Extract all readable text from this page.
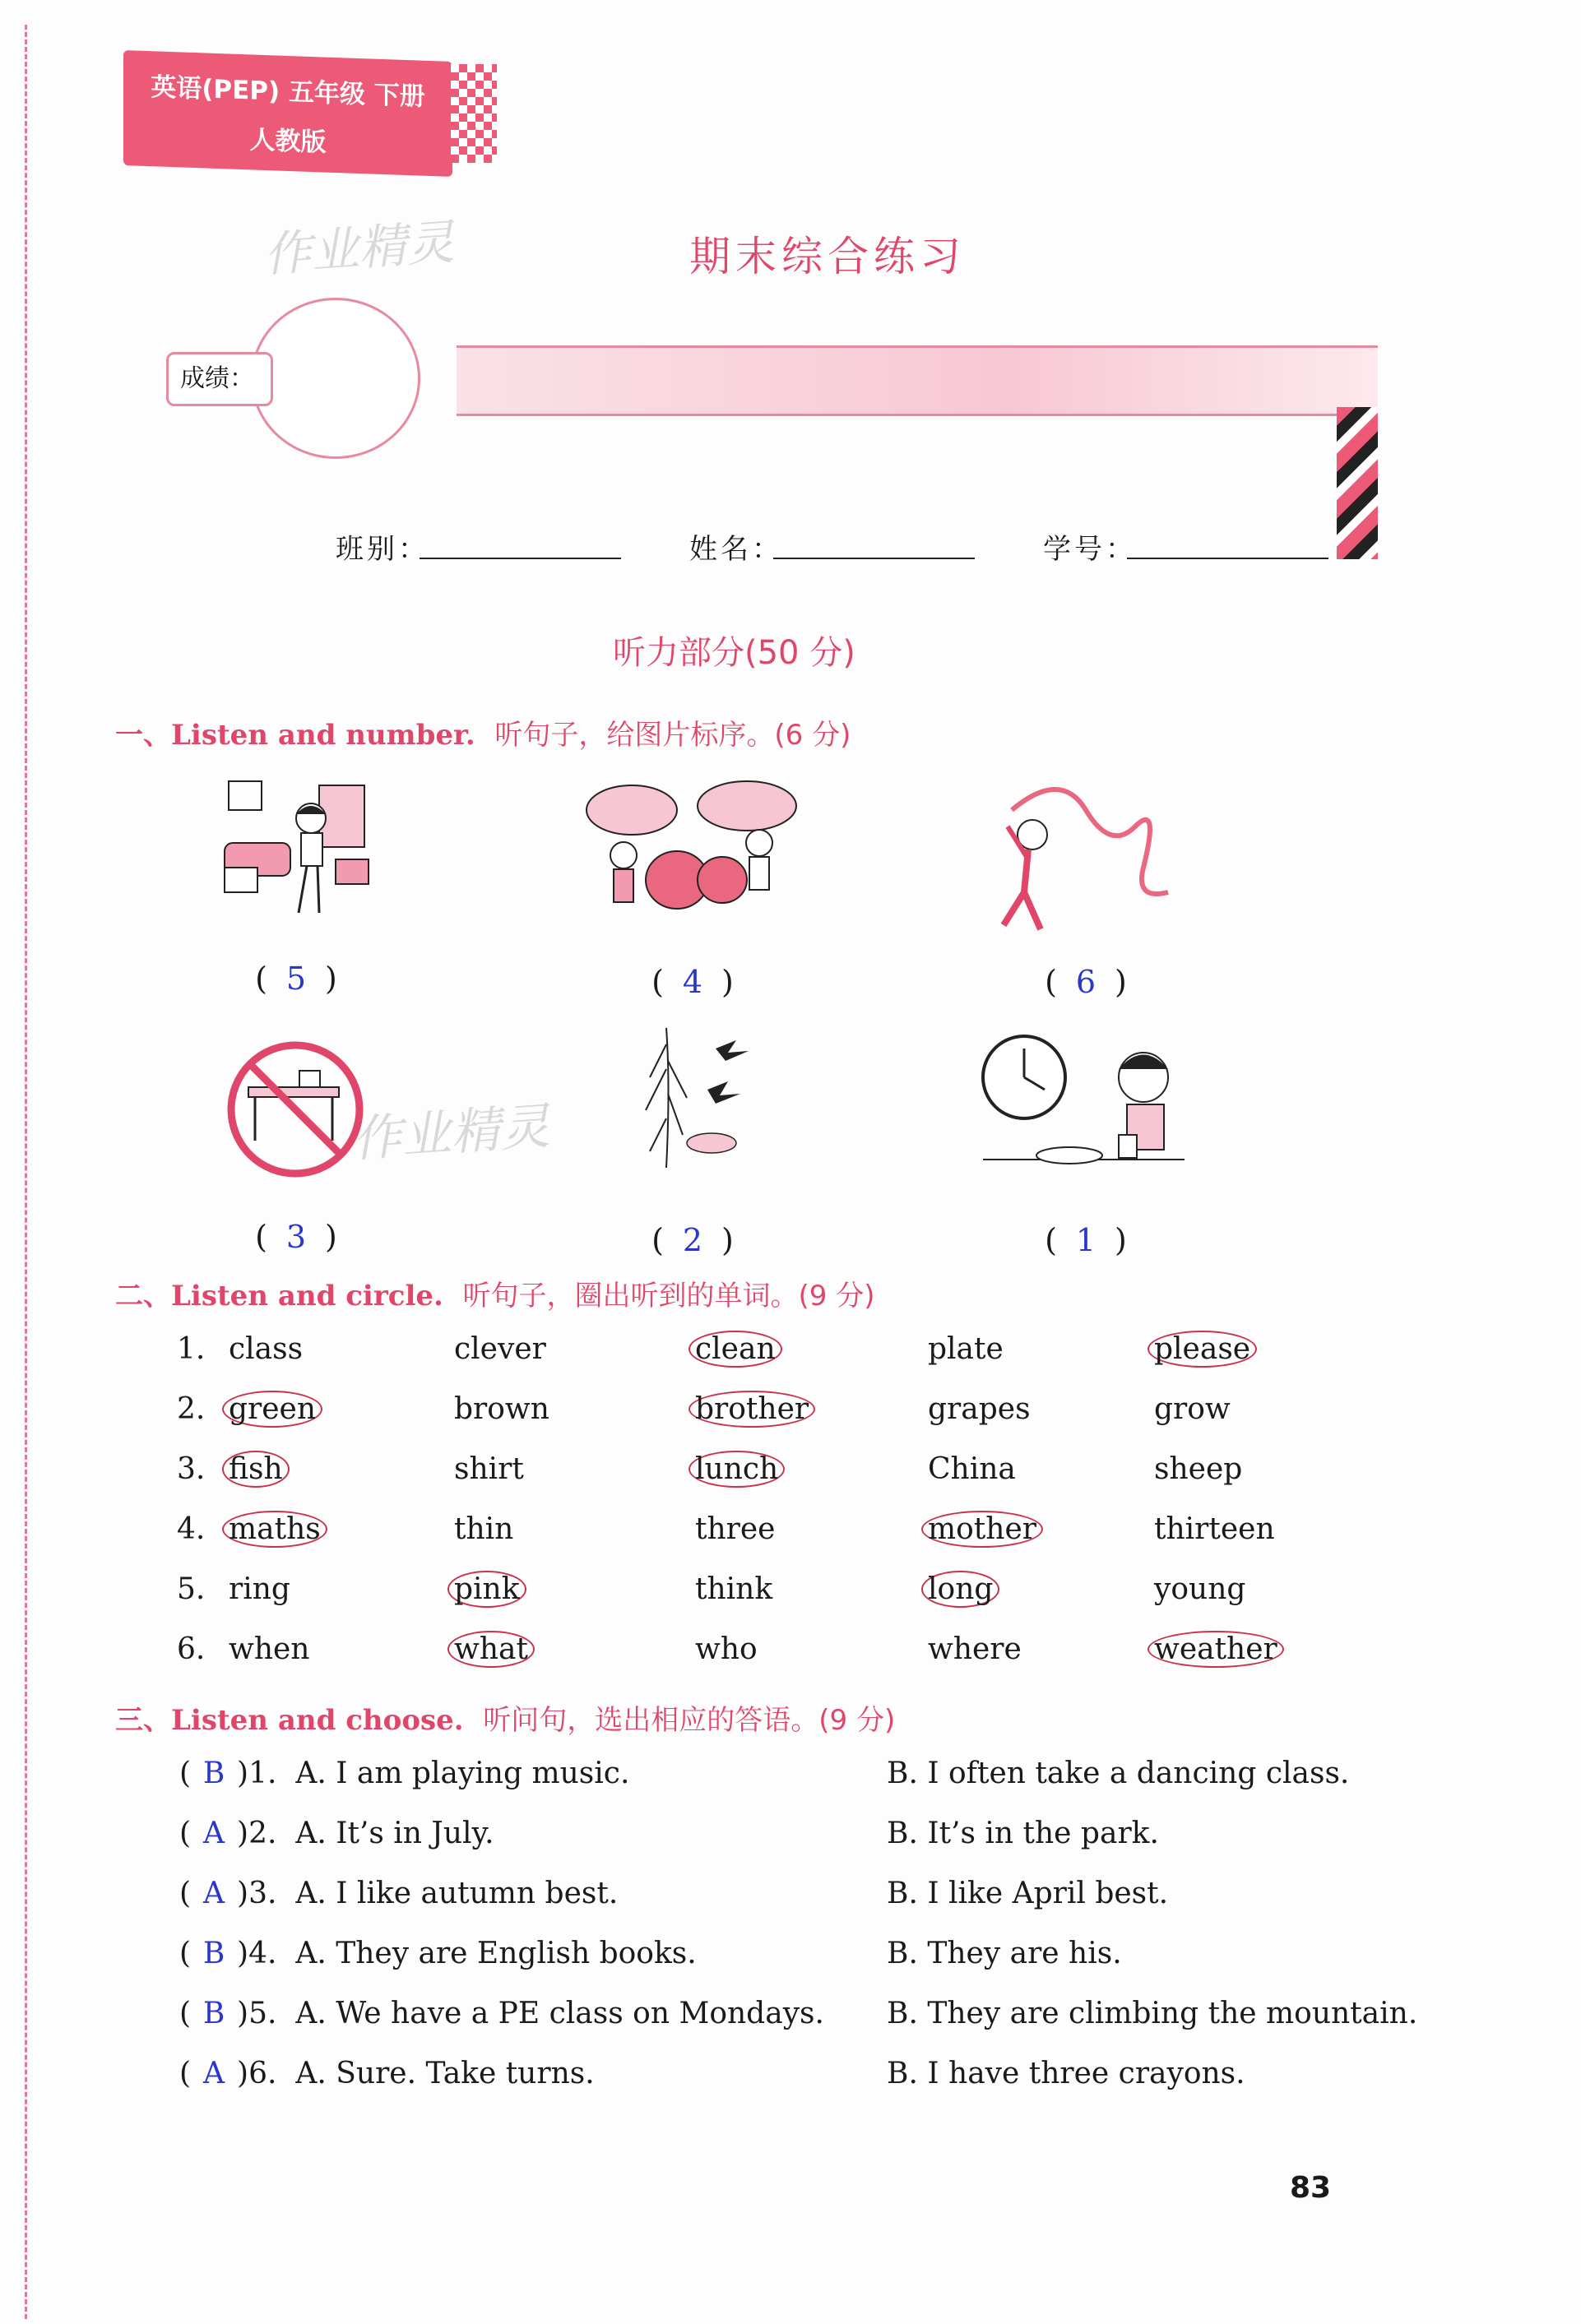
英语(PEP) 五年级 下册
人教版
作业精灵	期末综合练习
成绩：
班别：	姓名：	学号：
听力部分(50 分)
一、Listen and number. 听句子，给图片标序。(6 分)
( 5 )	( 4 )	( 6 )
作业精灵
( 3 )	( 2 )	( 1 )
二、Listen and circle. 听句子，圈出听到的单词。(9 分)
1. class	clever	clean	plate	please
2. green	brown	brother	grapes	grow
3. fish	shirt	lunch	China	sheep
4. maths	thin	three	mother	thirteen
5. ring	pink	think	long	young
6. when	what	who	where	weather
三、Listen and choose. 听问句，选出相应的答语。(9 分)
( B )1. A. I am playing music.	B. I often take a dancing class.
( A )2. A. It’s in July.	B. It’s in the park.
( A )3. A. I like autumn best.	B. I like April best.
( B )4. A. They are English books.	B. They are his.
( B )5. A. We have a PE class on Mondays. B. They are climbing the mountain.
( A )6. A. Sure. Take turns.	B. I have three crayons.
83
